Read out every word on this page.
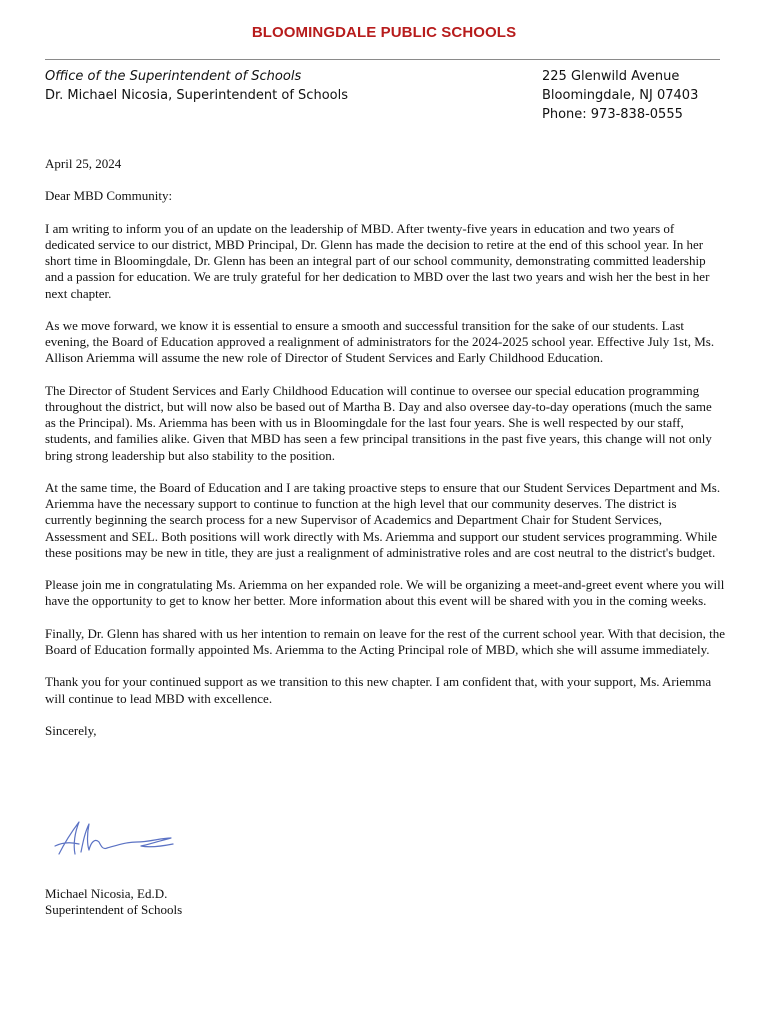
BLOOMINGDALE PUBLIC SCHOOLS
Office of the Superintendent of Schools
Dr. Michael Nicosia, Superintendent of Schools
225 Glenwild Avenue
Bloomingdale, NJ 07403
Phone: 973-838-0555

April 25, 2024

Dear MBD Community:

I am writing to inform you of an update on the leadership of MBD. After twenty-five years in education and two years of dedicated service to our district, MBD Principal, Dr. Glenn has made the decision to retire at the end of this school year. In her short time in Bloomingdale, Dr. Glenn has been an integral part of our school community, demonstrating committed leadership and a passion for education. We are truly grateful for her dedication to MBD over the last two years and wish her the best in her next chapter.

As we move forward, we know it is essential to ensure a smooth and successful transition for the sake of our students. Last evening, the Board of Education approved a realignment of administrators for the 2024-2025 school year. Effective July 1st, Ms. Allison Ariemma will assume the new role of Director of Student Services and Early Childhood Education.

The Director of Student Services and Early Childhood Education will continue to oversee our special education programming throughout the district, but will now also be based out of Martha B. Day and also oversee day-to-day operations (much the same as the Principal). Ms. Ariemma has been with us in Bloomingdale for the last four years. She is well respected by our staff, students, and families alike. Given that MBD has seen a few principal transitions in the past five years, this change will not only bring strong leadership but also stability to the position.

At the same time, the Board of Education and I are taking proactive steps to ensure that our Student Services Department and Ms. Ariemma have the necessary support to continue to function at the high level that our community deserves. The district is currently beginning the search process for a new Supervisor of Academics and Department Chair for Student Services, Assessment and SEL. Both positions will work directly with Ms. Ariemma and support our student services programming. While these positions may be new in title, they are just a realignment of administrative roles and are cost neutral to the district's budget.

Please join me in congratulating Ms. Ariemma on her expanded role. We will be organizing a meet-and-greet event where you will have the opportunity to get to know her better. More information about this event will be shared with you in the coming weeks.

Finally, Dr. Glenn has shared with us her intention to remain on leave for the rest of the current school year. With that decision, the Board of Education formally appointed Ms. Ariemma to the Acting Principal role of MBD, which she will assume immediately.

Thank you for your continued support as we transition to this new chapter. I am confident that, with your support, Ms. Ariemma will continue to lead MBD with excellence.

Sincerely,

Michael Nicosia, Ed.D.
Superintendent of Schools
